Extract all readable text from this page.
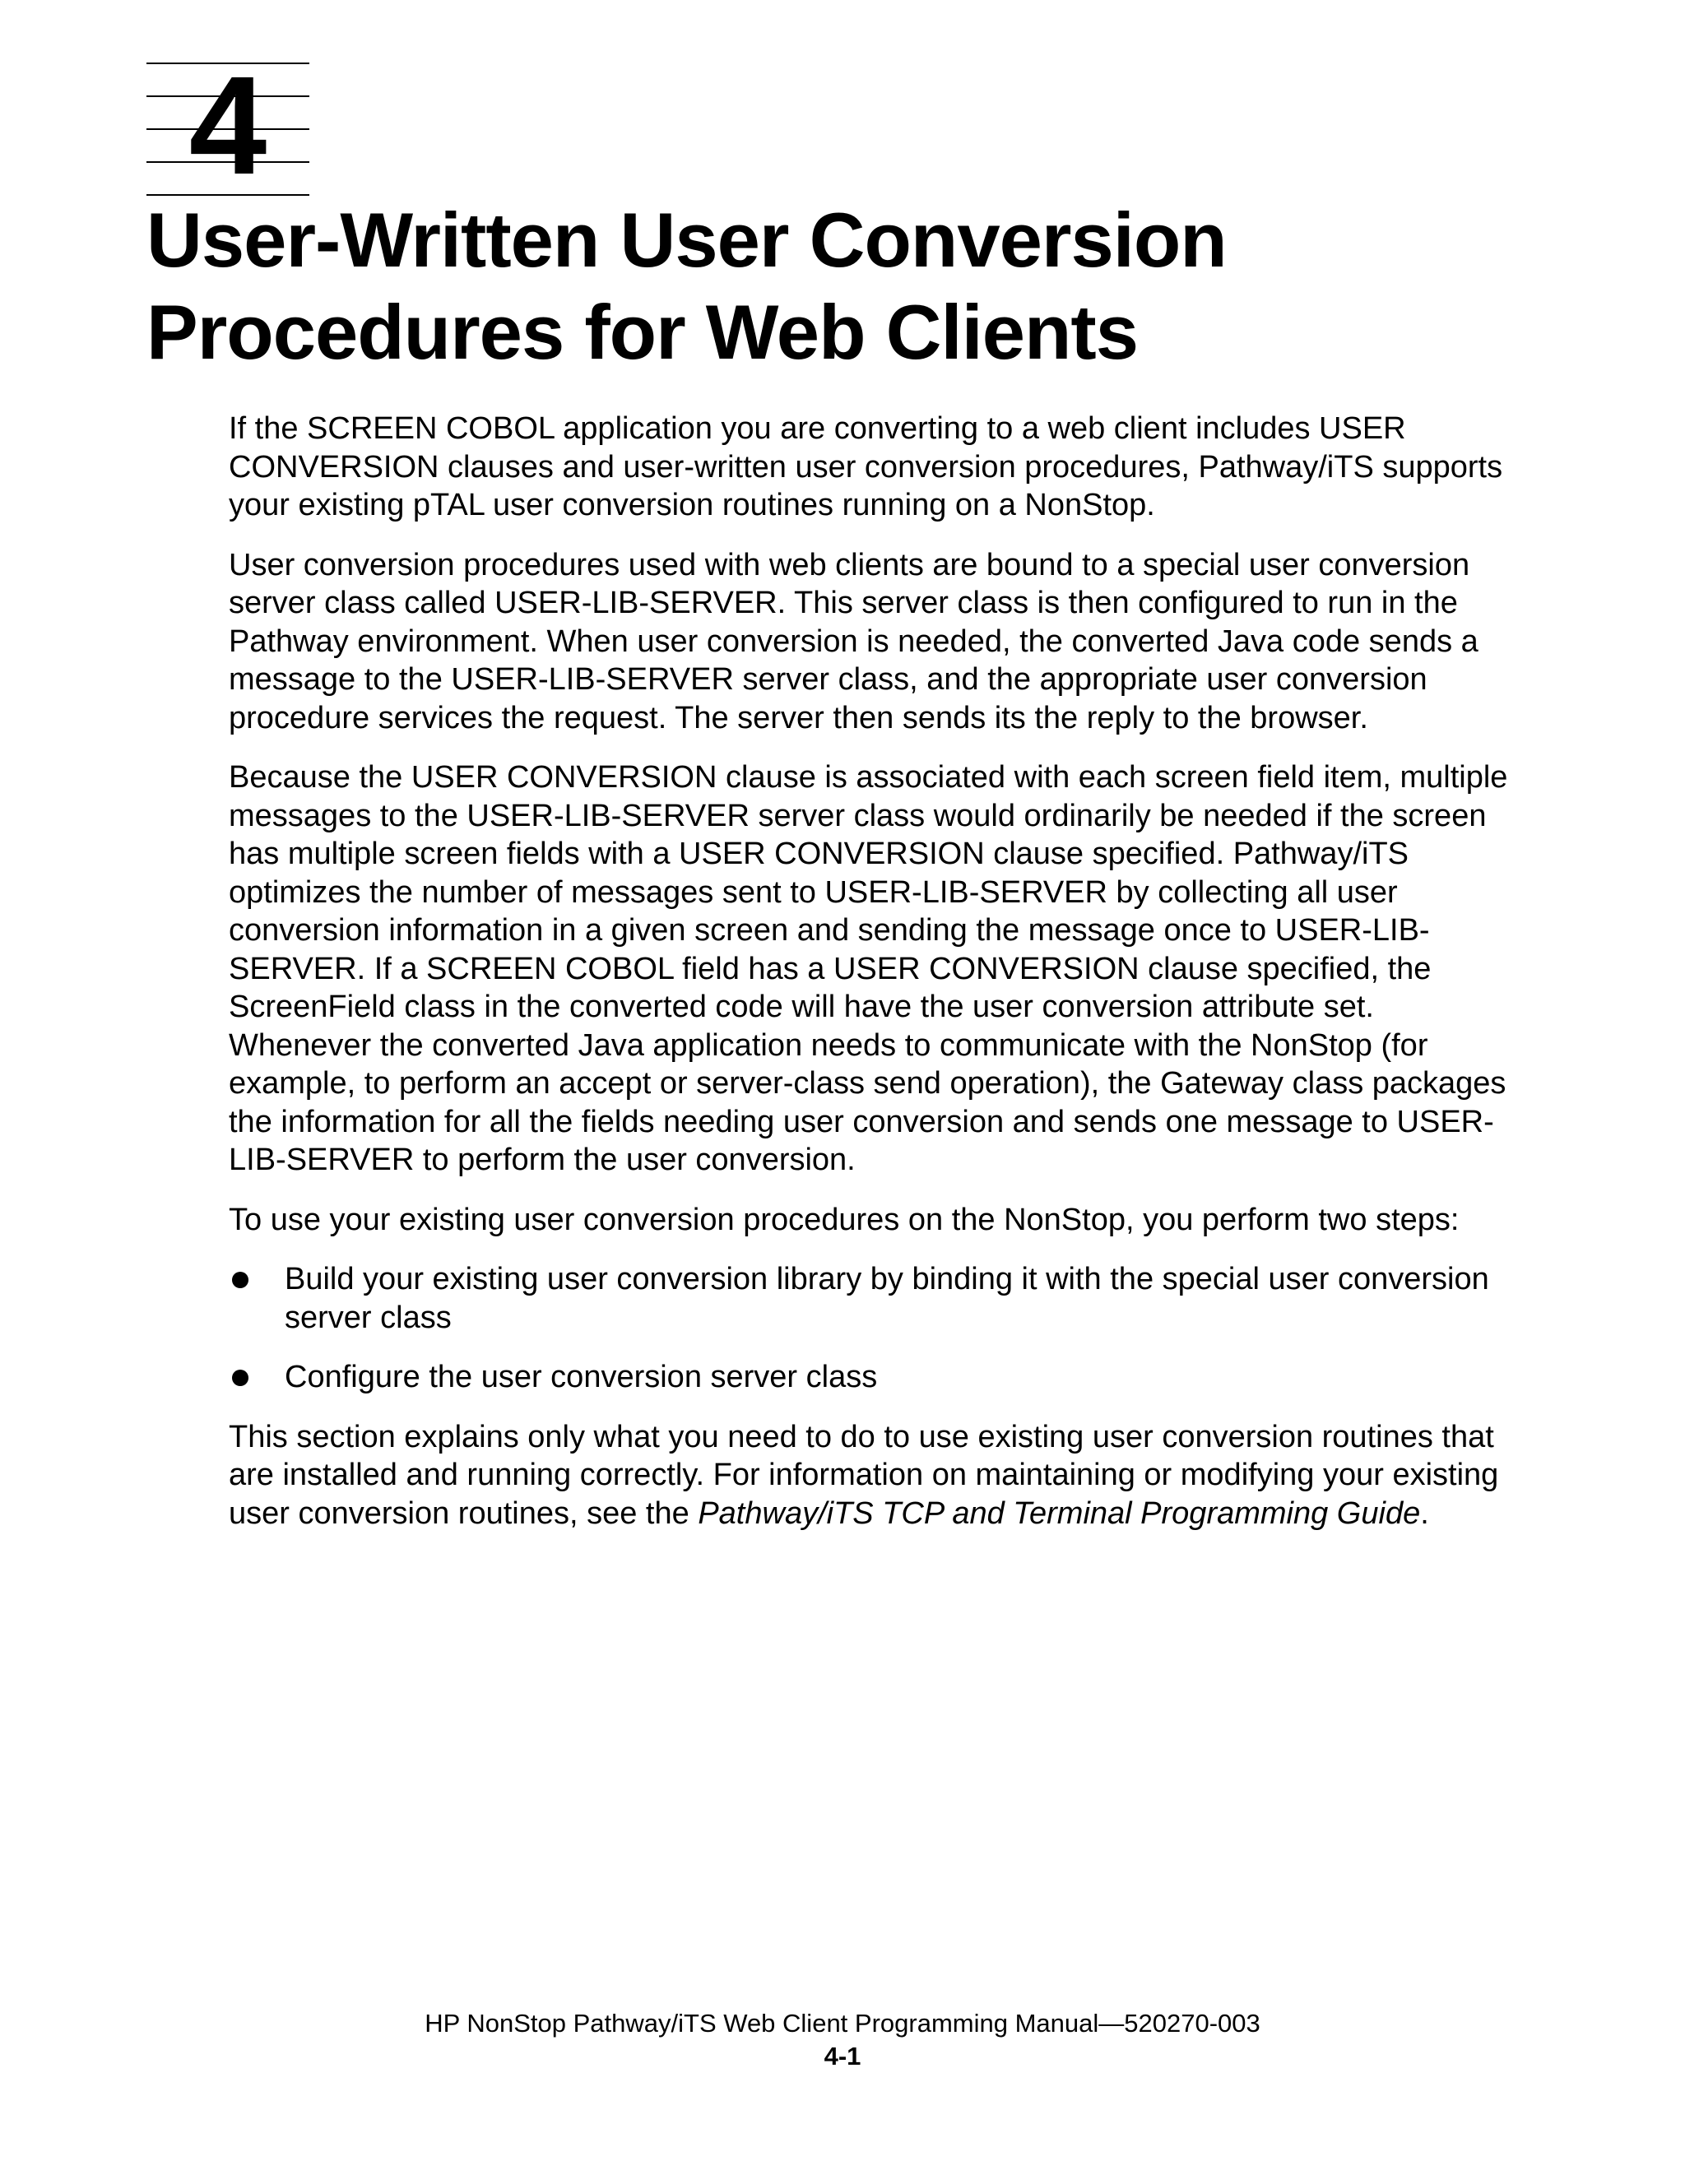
4
User-Written User Conversion
Procedures for Web Clients

If the SCREEN COBOL application you are converting to a web client includes USER CONVERSION clauses and user-written user conversion procedures, Pathway/iTS supports your existing pTAL user conversion routines running on a NonStop.

User conversion procedures used with web clients are bound to a special user conversion server class called USER-LIB-SERVER. This server class is then configured to run in the Pathway environment. When user conversion is needed, the converted Java code sends a message to the USER-LIB-SERVER server class, and the appropriate user conversion procedure services the request. The server then sends its the reply to the browser.

Because the USER CONVERSION clause is associated with each screen field item, multiple messages to the USER-LIB-SERVER server class would ordinarily be needed if the screen has multiple screen fields with a USER CONVERSION clause specified. Pathway/iTS optimizes the number of messages sent to USER-LIB-SERVER by collecting all user conversion information in a given screen and sending the message once to USER-LIB-SERVER. If a SCREEN COBOL field has a USER CONVERSION clause specified, the ScreenField class in the converted code will have the user conversion attribute set. Whenever the converted Java application needs to communicate with the NonStop (for example, to perform an accept or server-class send operation), the Gateway class packages the information for all the fields needing user conversion and sends one message to USER-LIB-SERVER to perform the user conversion.

To use your existing user conversion procedures on the NonStop, you perform two steps:

Build your existing user conversion library by binding it with the special user conversion server class
Configure the user conversion server class

This section explains only what you need to do to use existing user conversion routines that are installed and running correctly. For information on maintaining or modifying your existing user conversion routines, see the Pathway/iTS TCP and Terminal Programming Guide.

HP NonStop Pathway/iTS Web Client Programming Manual—520270-003
4-1
